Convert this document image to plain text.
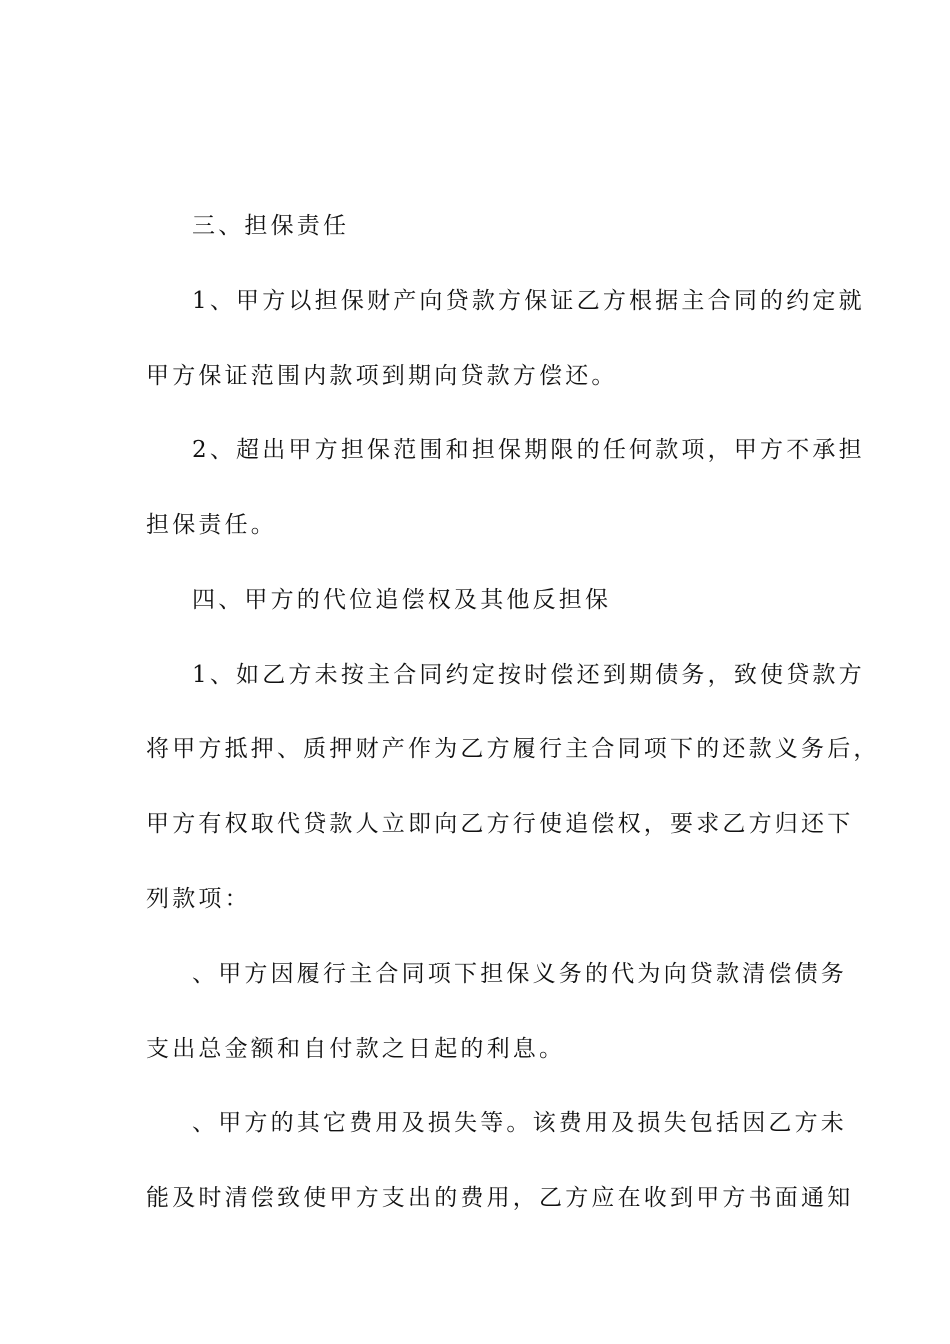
三、担保责任
1、甲方以担保财产向贷款方保证乙方根据主合同的约定就
甲方保证范围内款项到期向贷款方偿还。
2、超出甲方担保范围和担保期限的任何款项，甲方不承担
担保责任。
四、甲方的代位追偿权及其他反担保
1、如乙方未按主合同约定按时偿还到期债务，致使贷款方
将甲方抵押、质押财产作为乙方履行主合同项下的还款义务后，
甲方有权取代贷款人立即向乙方行使追偿权，要求乙方归还下
列款项：
、甲方因履行主合同项下担保义务的代为向贷款清偿债务
支出总金额和自付款之日起的利息。
、甲方的其它费用及损失等。该费用及损失包括因乙方未
能及时清偿致使甲方支出的费用，乙方应在收到甲方书面通知
